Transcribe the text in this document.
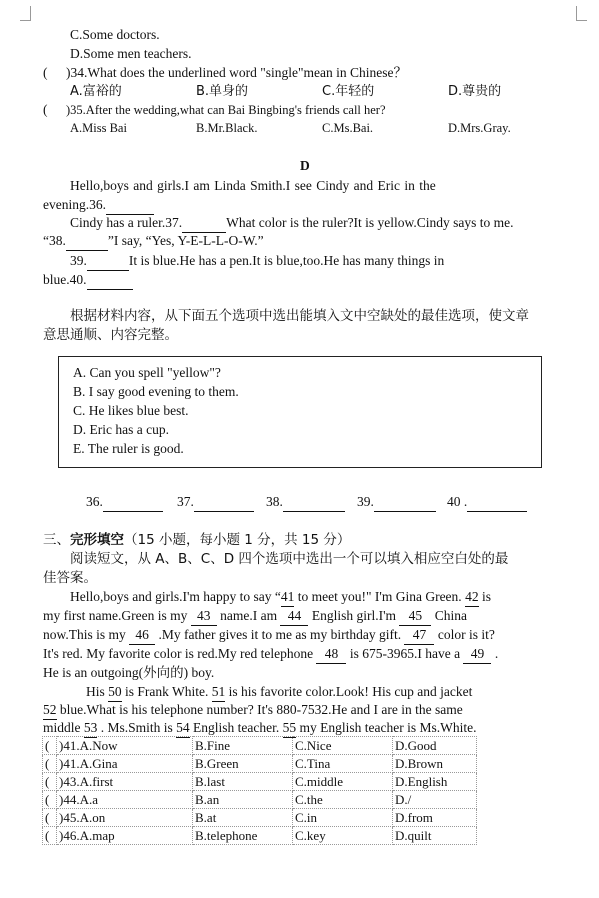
C.Some doctors.
D.Some men teachers.
( )34.What does the underlined word "single"mean in Chinese？
A.富裕的	B.单身的	C.年轻的	D.尊贵的
( )35.After the wedding,what can Bai Bingbing's friends call her?
A.Miss Bai	B.Mr.Black.	C.Ms.Bai.	D.Mrs.Gray.
D
Hello,boys and girls.I am Linda Smith.I see Cindy and Eric in the
evening.36.
Cindy has a ruler.37.	What color is the ruler?It is yellow.Cindy says to me.
“38.	”I say, “Yes, Y-E-L-L-O-W.”
39.	It is blue.He has a pen.It is blue,too.He has many things in
blue.40.
根据材料内容，从下面五个选项中选出能填入文中空缺处的最佳选项，使文章
意思通顺、内容完整。
A. Can you spell "yellow"?
B. I say good evening to them.
C. He likes blue best.
D. Eric has a cup.
E. The ruler is good.
36.	37.	38.	39.	40 .
三、完形填空（15 小题，每小题 1 分，共 15 分）
阅读短文，从 A、B、C、D 四个选项中选出一个可以填入相应空白处的最
佳答案。
Hello,boys and girls.I'm happy to say “41 to meet you!" I'm Gina Green. 42 is
my first name.Green is my 43 name.I am 44 English girl.I'm 45 China
now.This is my 46 .My father gives it to me as my birthday gift. 47 color is it?
It's red. My favorite color is red.My red telephone 48 is 675-3965.I have a 49 .
He is an outgoing(外向的) boy.
His 50 is Frank White. 51 is his favorite color.Look! His cup and jacket
52 blue.What is his telephone number? It's 880-7532.He and I are in the same
middle 53 . Ms.Smith is 54 English teacher. 55 my English teacher is Ms.White.
(	)41.A.Now	B.Fine	C.Nice	D.Good
(	)41.A.Gina	B.Green	C.Tina	D.Brown
(	)43.A.first	B.last	C.middle	D.English
(	)44.A.a	B.an	C.the	D./
(	)45.A.on	B.at	C.in	D.from
(	)46.A.map	B.telephone	C.key	D.quilt
